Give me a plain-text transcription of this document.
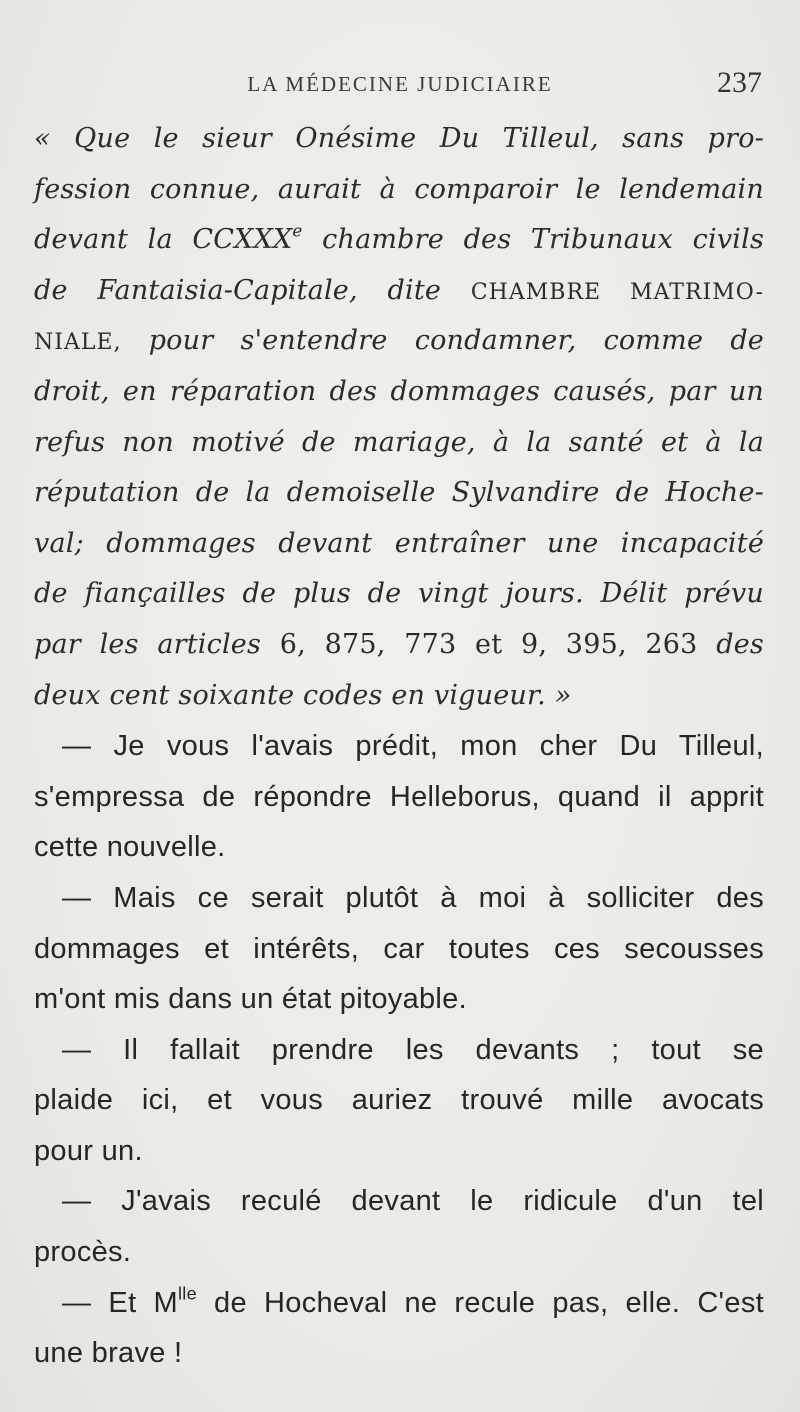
LA MÉDECINE JUDICIAIRE	237
« Que le sieur Onésime Du Tilleul, sans pro-
fession connue, aurait à comparoir le lendemain
devant la CCXXXe chambre des Tribunaux civils
de Fantaisia-Capitale, dite CHAMBRE MATRIMO-
NIALE, pour s'entendre condamner, comme de
droit, en réparation des dommages causés, par un
refus non motivé de mariage, à la santé et à la
réputation de la demoiselle Sylvandire de Hoche-
val; dommages devant entraîner une incapacité
de fiançailles de plus de vingt jours. Délit prévu
par les articles 6, 875, 773 et 9, 395, 263 des
deux cent soixante codes en vigueur. »
— Je vous l'avais prédit, mon cher Du Tilleul,
s'empressa de répondre Helleborus, quand il apprit
cette nouvelle.
— Mais ce serait plutôt à moi à solliciter des
dommages et intérêts, car toutes ces secousses
m'ont mis dans un état pitoyable.
— Il fallait prendre les devants ; tout se
plaide ici, et vous auriez trouvé mille avocats
pour un.
— J'avais reculé devant le ridicule d'un tel
procès.
— Et $M^{lle}$ de Hocheval ne recule pas, elle. C'est
une brave !
